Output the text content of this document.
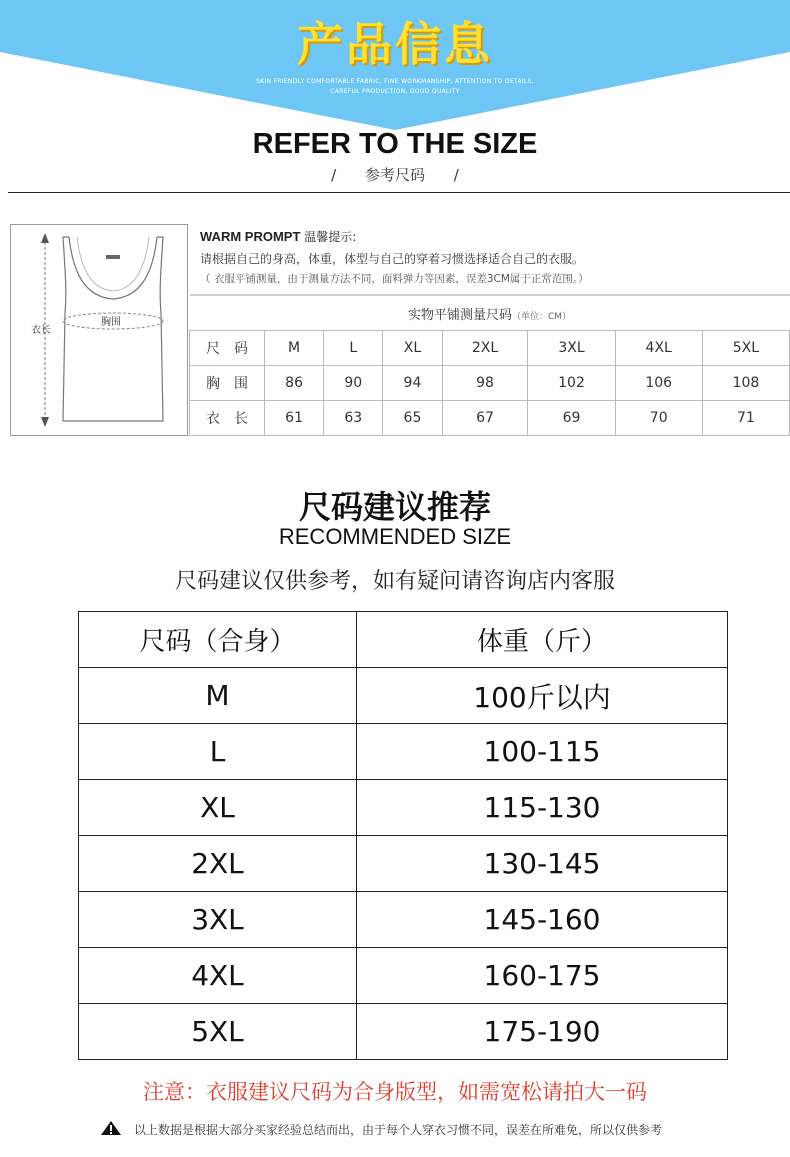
产品信息
SKIN FRIENDLY COMFORTABLE FABRIC, FINE WORKMANSHIP, ATTENTION TO DETAILS,
CAREFUL PRODUCTION, GOOD QUALITY
REFER TO THE SIZE
/ 参考尺码 /
衣长
胸围
WARM PROMPT 温馨提示:
请根据自己的身高，体重，体型与自己的穿着习惯选择适合自己的衣服。
（ 衣服平铺测量，由于测量方法不同，面料弹力等因素，误差3CM属于正常范围。）
实物平铺测量尺码（单位：CM）							
尺　码	M	L	XL	2XL	3XL	4XL	5XL
胸　围	86	90	94	98	102	106	108
衣　长	61	63	65	67	69	70	71
尺码建议推荐
RECOMMENDED SIZE
尺码建议仅供参考，如有疑问请咨询店内客服
尺码（合身）	体重（斤）
M	100斤以内
L	100-115
XL	115-130
2XL	130-145
3XL	145-160
4XL	160-175
5XL	175-190
注意：衣服建议尺码为合身版型，如需宽松请拍大一码
以上数据是根据大部分买家经验总结而出，由于每个人穿衣习惯不同，误差在所难免，所以仅供参考
